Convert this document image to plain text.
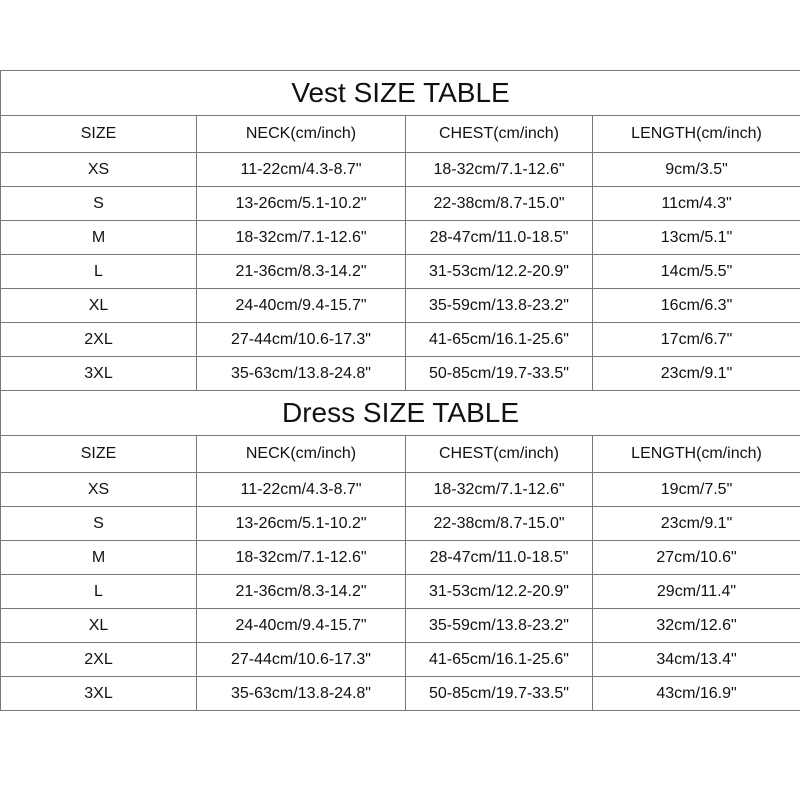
Vest SIZE TABLE			
SIZE	NECK(cm/inch)	CHEST(cm/inch)	LENGTH(cm/inch)
XS	11-22cm/4.3-8.7"	18-32cm/7.1-12.6"	9cm/3.5"
S	13-26cm/5.1-10.2"	22-38cm/8.7-15.0"	11cm/4.3"
M	18-32cm/7.1-12.6"	28-47cm/11.0-18.5"	13cm/5.1"
L	21-36cm/8.3-14.2"	31-53cm/12.2-20.9"	14cm/5.5"
XL	24-40cm/9.4-15.7"	35-59cm/13.8-23.2"	16cm/6.3"
2XL	27-44cm/10.6-17.3"	41-65cm/16.1-25.6"	17cm/6.7"
3XL	35-63cm/13.8-24.8"	50-85cm/19.7-33.5"	23cm/9.1"
Dress SIZE TABLE			
SIZE	NECK(cm/inch)	CHEST(cm/inch)	LENGTH(cm/inch)
XS	11-22cm/4.3-8.7"	18-32cm/7.1-12.6"	19cm/7.5"
S	13-26cm/5.1-10.2"	22-38cm/8.7-15.0"	23cm/9.1"
M	18-32cm/7.1-12.6"	28-47cm/11.0-18.5"	27cm/10.6"
L	21-36cm/8.3-14.2"	31-53cm/12.2-20.9"	29cm/11.4"
XL	24-40cm/9.4-15.7"	35-59cm/13.8-23.2"	32cm/12.6"
2XL	27-44cm/10.6-17.3"	41-65cm/16.1-25.6"	34cm/13.4"
3XL	35-63cm/13.8-24.8"	50-85cm/19.7-33.5"	43cm/16.9"
